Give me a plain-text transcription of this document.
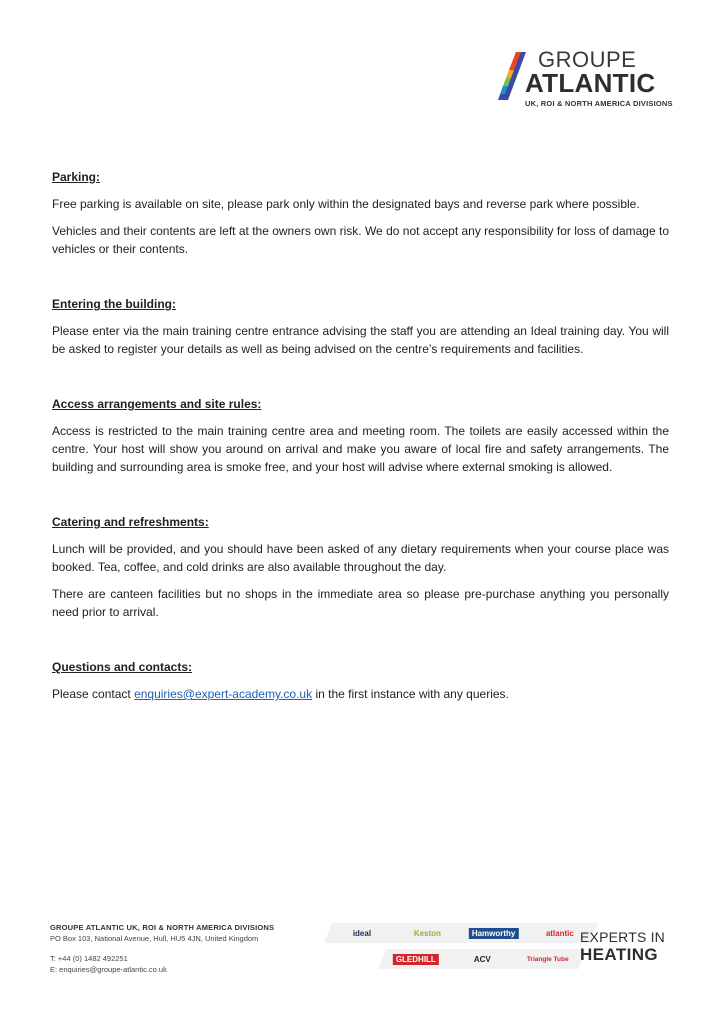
GROUPE
ATLANTIC
UK, ROI & NORTH AMERICA DIVISIONS
Parking:

Free parking is available on site, please park only within the designated bays and reverse park where possible.

Vehicles and their contents are left at the owners own risk. We do not accept any responsibility for loss of damage to vehicles or their contents.

Entering the building:

Please enter via the main training centre entrance advising the staff you are attending an Ideal training day. You will be asked to register your details as well as being advised on the centre’s requirements and facilities.

Access arrangements and site rules:

Access is restricted to the main training centre area and meeting room. The toilets are easily accessed within the centre. Your host will show you around on arrival and make you aware of local fire and safety arrangements. The building and surrounding area is smoke free, and your host will advise where external smoking is allowed.

Catering and refreshments:

Lunch will be provided, and you should have been asked of any dietary requirements when your course place was booked. Tea, coffee, and cold drinks are also available throughout the day.

There are canteen facilities but no shops in the immediate area so please pre-purchase anything you personally need prior to arrival.

Questions and contacts:

Please contact enquiries@expert-academy.co.uk in the first instance with any queries.

GROUPE ATLANTIC UK, ROI & NORTH AMERICA DIVISIONS
PO Box 103, National Avenue, Hull, HU5 4JN, United Kingdom
T: +44 (0) 1482 492251
E: enquiries@groupe-atlantic.co.uk
ideal	Keston	Hamworthy	atlantic
GLEDHILL	ACV	Triangle Tube
EXPERTS IN
HEATING
